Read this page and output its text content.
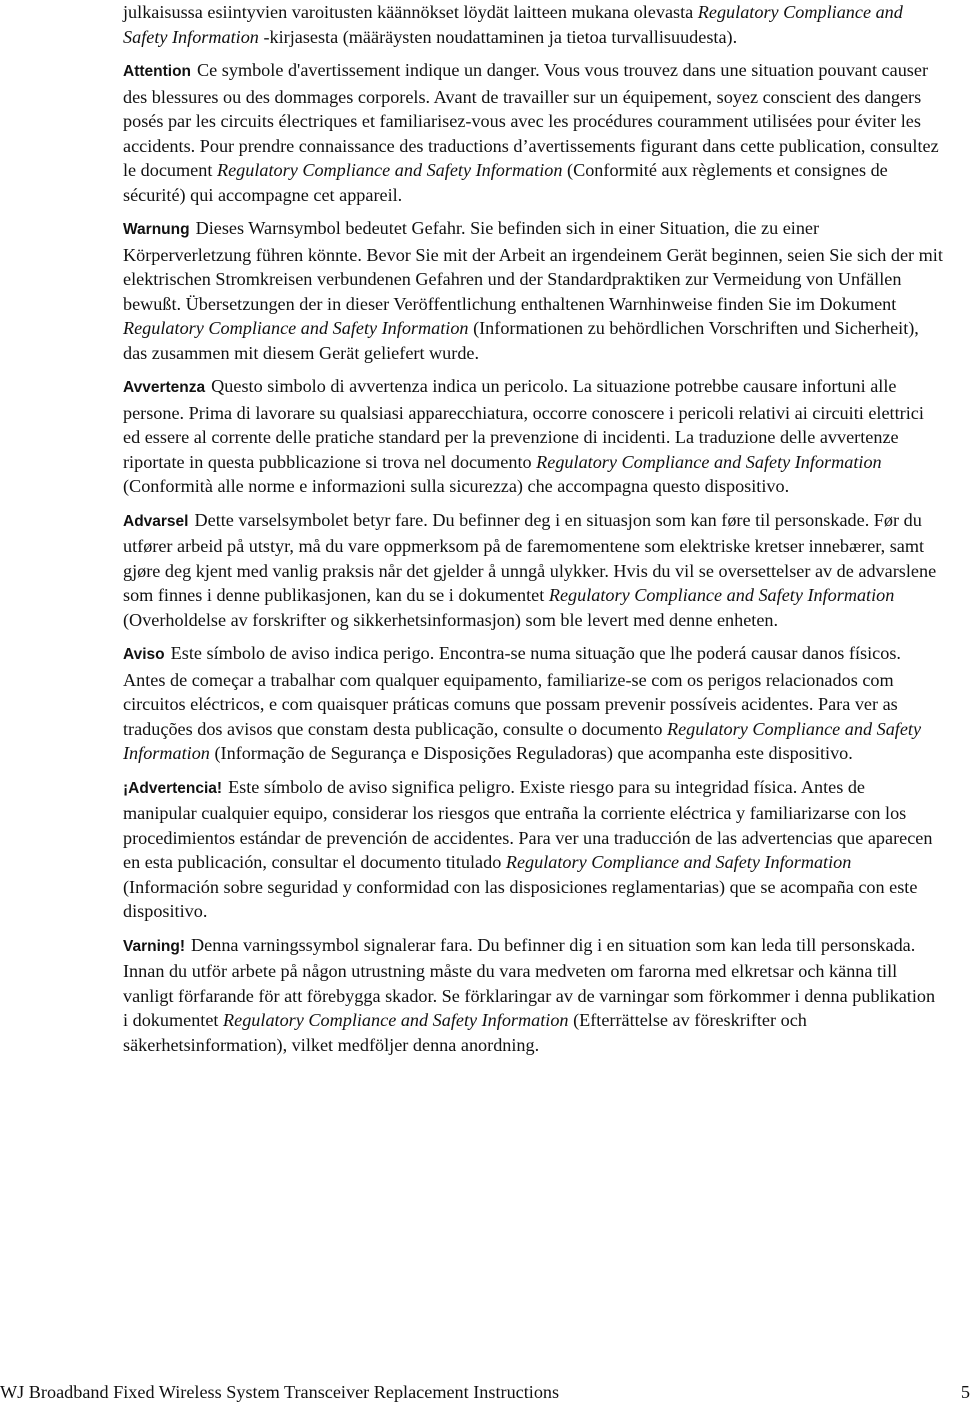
julkaisussa esiintyvien varoitusten käännökset löydät laitteen mukana olevasta Regulatory Compliance and Safety Information -kirjasesta (määräysten noudattaminen ja tietoa turvallisuudesta).

Attention Ce symbole d'avertissement indique un danger. Vous vous trouvez dans une situation pouvant causer des blessures ou des dommages corporels. Avant de travailler sur un équipement, soyez conscient des dangers posés par les circuits électriques et familiarisez-vous avec les procédures couramment utilisées pour éviter les accidents. Pour prendre connaissance des traductions d’avertissements figurant dans cette publication, consultez le document Regulatory Compliance and Safety Information (Conformité aux règlements et consignes de sécurité) qui accompagne cet appareil.

Warnung Dieses Warnsymbol bedeutet Gefahr. Sie befinden sich in einer Situation, die zu einer Körperverletzung führen könnte. Bevor Sie mit der Arbeit an irgendeinem Gerät beginnen, seien Sie sich der mit elektrischen Stromkreisen verbundenen Gefahren und der Standardpraktiken zur Vermeidung von Unfällen bewußt. Übersetzungen der in dieser Veröffentlichung enthaltenen Warnhinweise finden Sie im Dokument Regulatory Compliance and Safety Information (Informationen zu behördlichen Vorschriften und Sicherheit), das zusammen mit diesem Gerät geliefert wurde.

Avvertenza Questo simbolo di avvertenza indica un pericolo. La situazione potrebbe causare infortuni alle persone. Prima di lavorare su qualsiasi apparecchiatura, occorre conoscere i pericoli relativi ai circuiti elettrici ed essere al corrente delle pratiche standard per la prevenzione di incidenti. La traduzione delle avvertenze riportate in questa pubblicazione si trova nel documento Regulatory Compliance and Safety Information (Conformità alle norme e informazioni sulla sicurezza) che accompagna questo dispositivo.

Advarsel Dette varselsymbolet betyr fare. Du befinner deg i en situasjon som kan føre til personskade. Før du utfører arbeid på utstyr, må du vare oppmerksom på de faremomentene som elektriske kretser innebærer, samt gjøre deg kjent med vanlig praksis når det gjelder å unngå ulykker. Hvis du vil se oversettelser av de advarslene som finnes i denne publikasjonen, kan du se i dokumentet Regulatory Compliance and Safety Information (Overholdelse av forskrifter og sikkerhetsinformasjon) som ble levert med denne enheten.

Aviso Este símbolo de aviso indica perigo. Encontra-se numa situação que lhe poderá causar danos físicos. Antes de começar a trabalhar com qualquer equipamento, familiarize-se com os perigos relacionados com circuitos eléctricos, e com quaisquer práticas comuns que possam prevenir possíveis acidentes. Para ver as traduções dos avisos que constam desta publicação, consulte o documento Regulatory Compliance and Safety Information (Informação de Segurança e Disposições Reguladoras) que acompanha este dispositivo.

¡Advertencia! Este símbolo de aviso significa peligro. Existe riesgo para su integridad física. Antes de manipular cualquier equipo, considerar los riesgos que entraña la corriente eléctrica y familiarizarse con los procedimientos estándar de prevención de accidentes. Para ver una traducción de las advertencias que aparecen en esta publicación, consultar el documento titulado Regulatory Compliance and Safety Information (Información sobre seguridad y conformidad con las disposiciones reglamentarias) que se acompaña con este dispositivo.

Varning! Denna varningssymbol signalerar fara. Du befinner dig i en situation som kan leda till personskada. Innan du utför arbete på någon utrustning måste du vara medveten om farorna med elkretsar och känna till vanligt förfarande för att förebygga skador. Se förklaringar av de varningar som förkommer i denna publikation i dokumentet Regulatory Compliance and Safety Information (Efterrättelse av föreskrifter och säkerhetsinformation), vilket medföljer denna anordning.

WJ Broadband Fixed Wireless System Transceiver Replacement Instructions	5
